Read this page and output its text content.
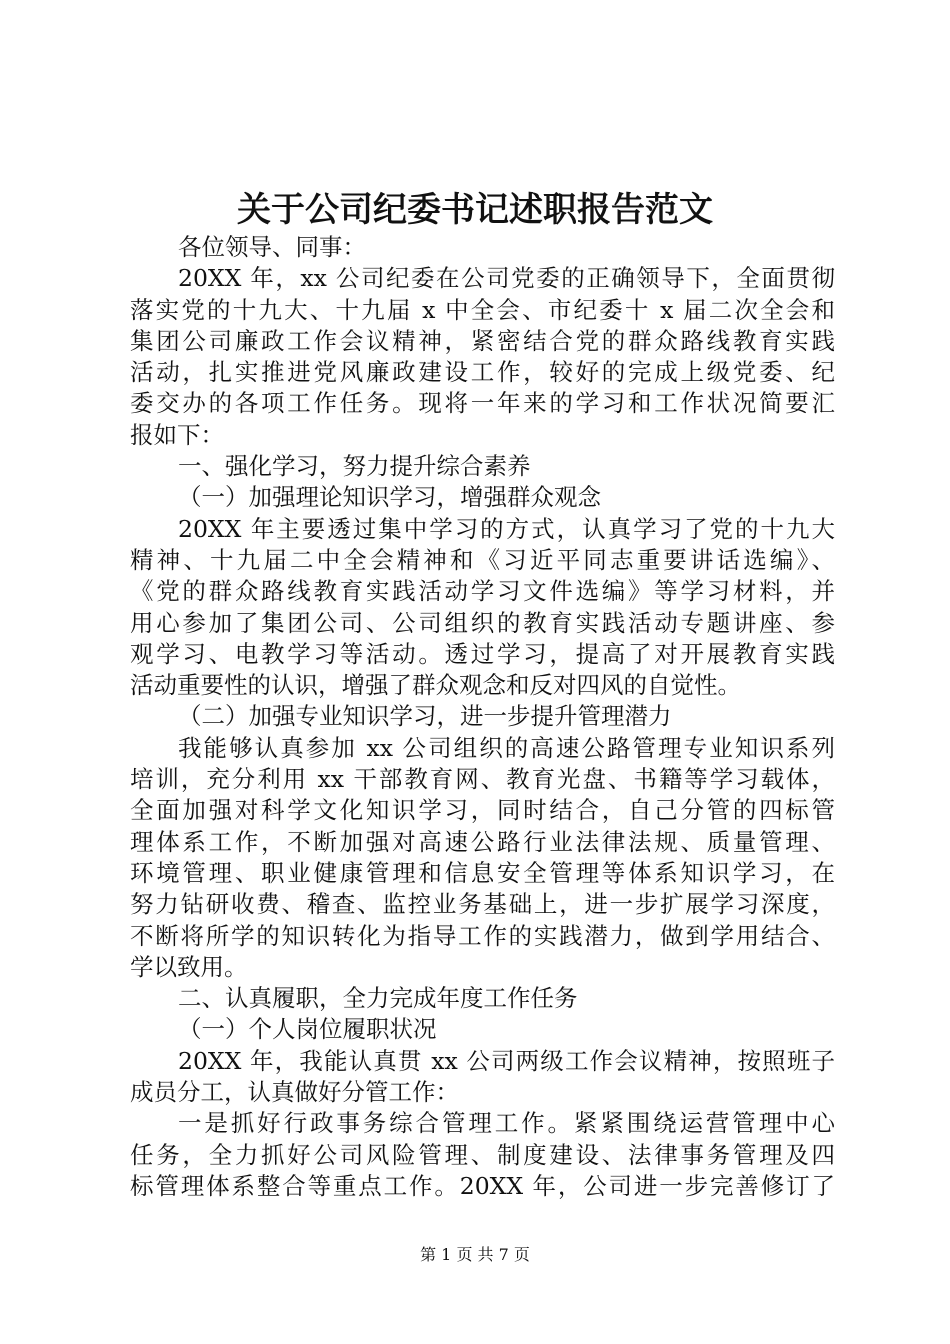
关于公司纪委书记述职报告范文
各位领导、同事：
20XX 年，xx 公司纪委在公司党委的正确领导下，全面贯彻
落实党的十九大、十九届 x 中全会、市纪委十 x 届二次全会和
集团公司廉政工作会议精神，紧密结合党的群众路线教育实践
活动，扎实推进党风廉政建设工作，较好的完成上级党委、纪
委交办的各项工作任务。现将一年来的学习和工作状况简要汇
报如下：
一、强化学习，努力提升综合素养
（一）加强理论知识学习，增强群众观念
20XX 年主要透过集中学习的方式，认真学习了党的十九大
精神、十九届二中全会精神和《习近平同志重要讲话选编》、
《党的群众路线教育实践活动学习文件选编》等学习材料，并
用心参加了集团公司、公司组织的教育实践活动专题讲座、参
观学习、电教学习等活动。透过学习，提高了对开展教育实践
活动重要性的认识，增强了群众观念和反对四风的自觉性。
（二）加强专业知识学习，进一步提升管理潜力
我能够认真参加 xx 公司组织的高速公路管理专业知识系列
培训，充分利用 xx 干部教育网、教育光盘、书籍等学习载体，
全面加强对科学文化知识学习，同时结合，自己分管的四标管
理体系工作，不断加强对高速公路行业法律法规、质量管理、
环境管理、职业健康管理和信息安全管理等体系知识学习，在
努力钻研收费、稽查、监控业务基础上，进一步扩展学习深度，
不断将所学的知识转化为指导工作的实践潜力，做到学用结合、
学以致用。
二、认真履职，全力完成年度工作任务
（一）个人岗位履职状况
20XX 年，我能认真贯 xx 公司两级工作会议精神，按照班子
成员分工，认真做好分管工作：
一是抓好行政事务综合管理工作。紧紧围绕运营管理中心
任务，全力抓好公司风险管理、制度建设、法律事务管理及四
标管理体系整合等重点工作。20XX 年，公司进一步完善修订了
第 1 页 共 7 页
